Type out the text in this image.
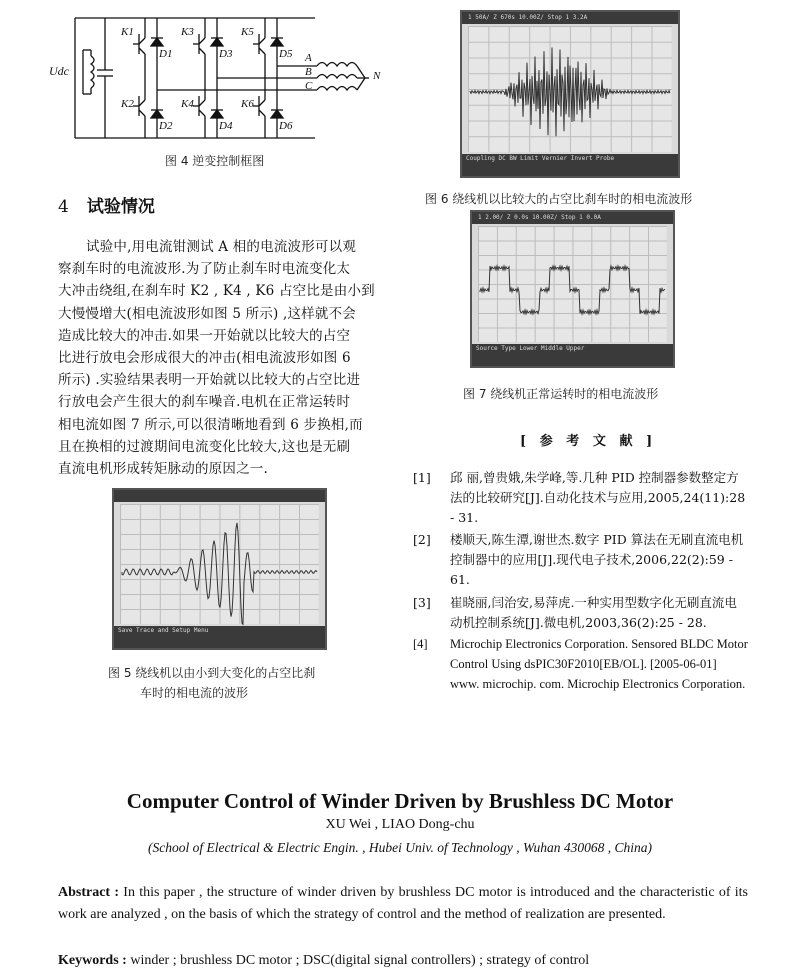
Udc
K1	K3	K5
K2	K4	K6
D1	D3	D5
D2	D4	D6
A
B
C
N
图 4 逆变控制框图
4 试验情况

试验中,用电流钳测试 A 相的电流波形可以观

察刹车时的电流波形.为了防止刹车时电流变化太

大冲击绕组,在刹车时 K2 , K4 , K6 占空比是由小到

大慢慢增大(相电流波形如图 5 所示) ,这样就不会

造成比较大的冲击.如果一开始就以比较大的占空

比进行放电会形成很大的冲击(相电流波形如图 6

所示) .实验结果表明一开始就以比较大的占空比进

行放电会产生很大的刹车噪音.电机在正常运转时

相电流如图 7 所示,可以很清晰地看到 6 步换相,而

且在换相的过渡期间电流变化比较大,这也是无刷

直流电机形成转矩脉动的原因之一.

Save Trace and Setup Menu
图 5 绕线机以由小到大变化的占空比刹
车时的相电流的波形
1 50A/ Z 670s 10.00Z/ Stop 1 3.2A
Coupling DC BW Limit Vernier Invert Probe
图 6 绕线机以比较大的占空比刹车时的相电流波形
1 2.00/ Z 0.0s 10.00Z/ Stop 1 0.0A
Source Type Lower Middle Upper
图 7 绕线机正常运转时的相电流波形
[   参   考   文   献   ]
[1]	邱 丽,曾贵娥,朱学峰,等.几种 PID 控制器参数整定方法的比较研究[J].自动化技术与应用,2005,24(11):28 - 31.
[2]	楼顺天,陈生潭,谢世杰.数字 PID 算法在无刷直流电机控制器中的应用[J].现代电子技术,2006,22(2):59 - 61.
[3]	崔晓丽,闫治安,易萍虎.一种实用型数字化无刷直流电动机控制系统[J].微电机,2003,36(2):25 - 28.
[4]	Microchip Electronics Corporation. Sensored BLDC Motor Control Using dsPIC30F2010[EB/OL]. [2005-06-01] www. microchip. com. Microchip Electronics Corporation.
Computer Control of Winder Driven by Brushless DC Motor
XU Wei , LIAO Dong-chu
(School of Electrical & Electric Engin. , Hubei Univ. of Technology , Wuhan 430068 , China)
Abstract : In this paper , the structure of winder driven by brushless DC motor is introduced and the characteristic of its work are analyzed , on the basis of which the strategy of control and the method of realization are presented.
Keywords : winder ; brushless DC motor ; DSC(digital signal controllers) ; strategy of control
